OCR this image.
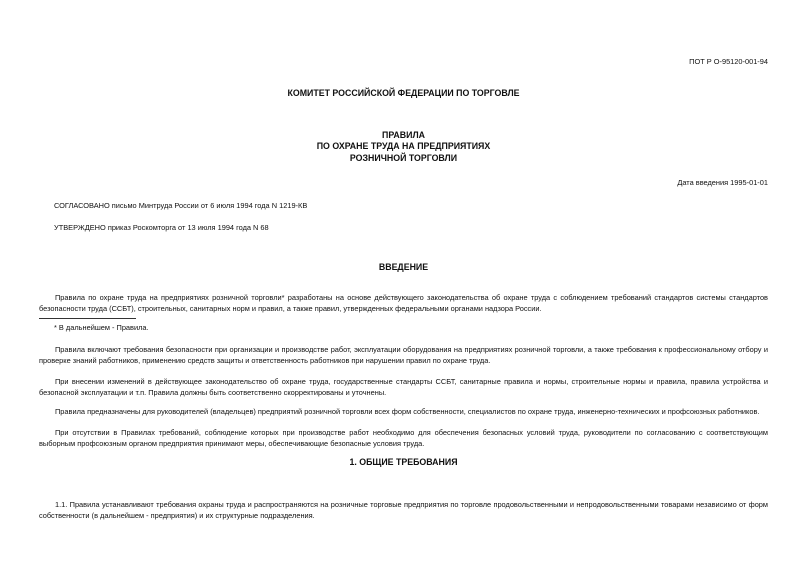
ПОТ Р О-95120-001-94
КОМИТЕТ РОССИЙСКОЙ ФЕДЕРАЦИИ ПО ТОРГОВЛЕ
ПРАВИЛА
ПО ОХРАНЕ ТРУДА НА ПРЕДПРИЯТИЯХ
РОЗНИЧНОЙ ТОРГОВЛИ
Дата введения 1995-01-01
СОГЛАСОВАНО письмо Минтруда России от 6 июля 1994 года N 1219-КВ
УТВЕРЖДЕНО приказ Роскомторга от 13 июля 1994 года N 68
ВВЕДЕНИЕ
Правила по охране труда на предприятиях розничной торговли* разработаны на основе действующего законодательства об охране труда с соблюдением требований стандартов системы стандартов безопасности труда (ССБТ), строительных, санитарных норм и правил, а также правил, утвержденных федеральными органами надзора России.
* В дальнейшем - Правила.
Правила включают требования безопасности при организации и производстве работ, эксплуатации оборудования на предприятиях розничной торговли, а также требования к профессиональному отбору и проверке знаний работников, применению средств защиты и ответственность работников при нарушении правил по охране труда.
При внесении изменений в действующее законодательство об охране труда, государственные стандарты ССБТ, санитарные правила и нормы, строительные нормы и правила, правила устройства и безопасной эксплуатации и т.п. Правила должны быть соответственно скорректированы и уточнены.
Правила предназначены для руководителей (владельцев) предприятий розничной торговли всех форм собственности, специалистов по охране труда, инженерно-технических и профсоюзных работников.
При отсутствии в Правилах требований, соблюдение которых при производстве работ необходимо для обеспечения безопасных условий труда, руководители по согласованию с соответствующим выборным профсоюзным органом предприятия принимают меры, обеспечивающие безопасные условия труда.
1. ОБЩИЕ ТРЕБОВАНИЯ
1.1. Правила устанавливают требования охраны труда и распространяются на розничные торговые предприятия по торговле продовольственными и непродовольственными товарами независимо от форм собственности (в дальнейшем - предприятия) и их структурные подразделения.
